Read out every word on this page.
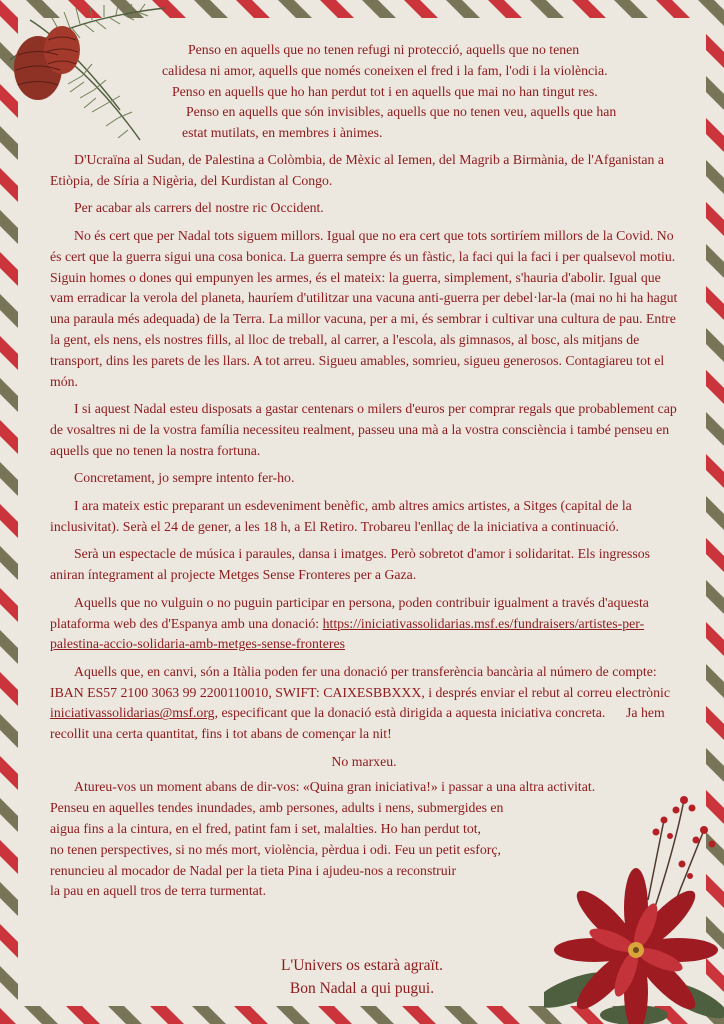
Penso en aquells que no tenen refugi ni protecció, aquells que no tenen
calidesa ni amor, aquells que només coneixen el fred i la fam, l'odi i la violència.
Penso en aquells que ho han perdut tot i en aquells que mai no han tingut res.
Penso en aquells que són invisibles, aquells que no tenen veu, aquells que han
estat mutilats, en membres i ànimes.

D'Ucraïna al Sudan, de Palestina a Colòmbia, de Mèxic al Iemen, del Magrib a Birmània, de l'Afganistan a Etiòpia, de Síria a Nigèria, del Kurdistan al Congo.

Per acabar als carrers del nostre ric Occident.

No és cert que per Nadal tots siguem millors. Igual que no era cert que tots sortiríem millors de la Covid. No és cert que la guerra sigui una cosa bonica. La guerra sempre és un fàstic, la faci qui la faci i per qualsevol motiu. Siguin homes o dones qui empunyen les armes, és el mateix: la guerra, simplement, s'hauria d'abolir. Igual que vam erradicar la verola del planeta, hauríem d'utilitzar una vacuna anti-guerra per debel·lar-la (mai no hi ha hagut una paraula més adequada) de la Terra. La millor vacuna, per a mi, és sembrar i cultivar una cultura de pau. Entre la gent, els nens, els nostres fills, al lloc de treball, al carrer, a l'escola, als gimnasos, al bosc, als mitjans de transport, dins les parets de les llars. A tot arreu. Sigueu amables, somrieu, sigueu generosos. Contagiareu tot el món.

I si aquest Nadal esteu disposats a gastar centenars o milers d'euros per comprar regals que probablement cap de vosaltres ni de la vostra família necessiteu realment, passeu una mà a la vostra consciència i també penseu en aquells que no tenen la nostra fortuna.

Concretament, jo sempre intento fer-ho.

I ara mateix estic preparant un esdeveniment benèfic, amb altres amics artistes, a Sitges (capital de la inclusivitat). Serà el 24 de gener, a les 18 h, a El Retiro. Trobareu l'enllaç de la iniciativa a continuació.

Serà un espectacle de música i paraules, dansa i imatges. Però sobretot d'amor i solidaritat. Els ingressos aniran íntegrament al projecte Metges Sense Fronteres per a Gaza.

Aquells que no vulguin o no puguin participar en persona, poden contribuir igualment a través d'aquesta plataforma web des d'Espanya amb una donació: https://iniciativassolidarias.msf.es/fundraisers/artistes-per-palestina-accio-solidaria-amb-metges-sense-fronteres

Aquells que, en canvi, són a Itàlia poden fer una donació per transferència bancària al número de compte: IBAN ES57 2100 3063 99 2200110010, SWIFT: CAIXESBBXXX, i després enviar el rebut al correu electrònic iniciativassolidarias@msf.org, especificant que la donació està dirigida a aquesta iniciativa concreta.      Ja hem recollit una certa quantitat, fins i tot abans de començar la nit!

No marxeu.

Atureu-vos un moment abans de dir-vos: «Quina gran iniciativa!» i passar a una altra activitat.
Penseu en aquelles tendes inundades, amb persones, adults i nens, submergides en
aigua fins a la cintura, en el fred, patint fam i set, malalties. Ho han perdut tot,
no tenen perspectives, si no més mort, violència, pèrdua i odi. Feu un petit esforç,
renuncieu al mocador de Nadal per la tieta Pina i ajudeu-nos a reconstruir
la pau en aquell tros de terra turmentat.
L'Univers os estarà agraït.
Bon Nadal a qui pugui.
